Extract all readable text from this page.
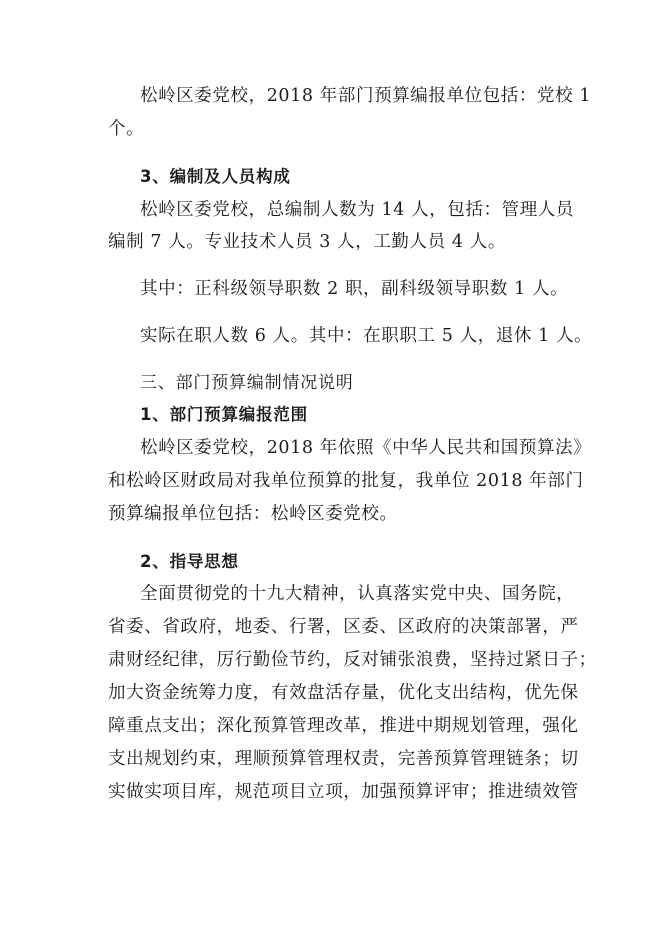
松岭区委党校，2018 年部门预算编报单位包括：党校 1
个。
3、编制及人员构成
松岭区委党校，总编制人数为 14 人，包括：管理人员
编制 7 人。专业技术人员 3 人，工勤人员 4 人。
其中：正科级领导职数 2 职，副科级领导职数 1 人。
实际在职人数 6 人。其中：在职职工 5 人，退休 1 人。
三、部门预算编制情况说明
1、部门预算编报范围
松岭区委党校，2018 年依照《中华人民共和国预算法》
和松岭区财政局对我单位预算的批复，我单位 2018 年部门
预算编报单位包括：松岭区委党校。
2、指导思想
全面贯彻党的十九大精神，认真落实党中央、国务院，
省委、省政府，地委、行署，区委、区政府的决策部署，严
肃财经纪律，厉行勤俭节约，反对铺张浪费，坚持过紧日子；
加大资金统筹力度，有效盘活存量，优化支出结构，优先保
障重点支出；深化预算管理改革，推进中期规划管理，强化
支出规划约束，理顺预算管理权责，完善预算管理链条；切
实做实项目库，规范项目立项，加强预算评审；推进绩效管
